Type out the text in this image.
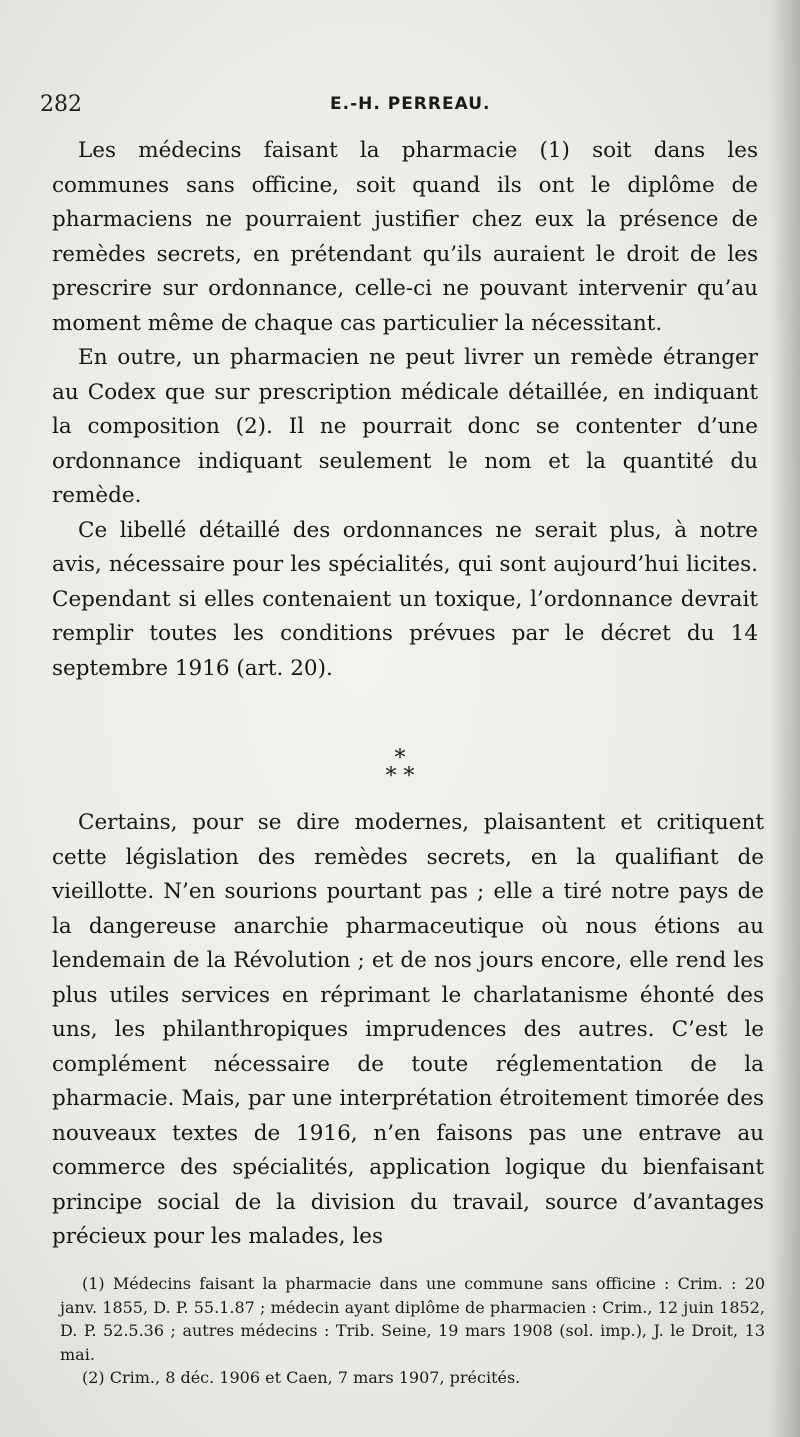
282	E.-H. PERREAU.

Les médecins faisant la pharmacie (1) soit dans les communes sans officine, soit quand ils ont le diplôme de pharmaciens ne pourraient justifier chez eux la présence de remèdes secrets, en prétendant qu’ils auraient le droit de les prescrire sur ordonnance, celle-ci ne pouvant intervenir qu’au moment même de chaque cas particulier la nécessitant.

En outre, un pharmacien ne peut livrer un remède étranger au Codex que sur prescription médicale détaillée, en indiquant la composition (2). Il ne pourrait donc se contenter d’une ordonnance indiquant seulement le nom et la quantité du remède.

Ce libellé détaillé des ordonnances ne serait plus, à notre avis, nécessaire pour les spécialités, qui sont aujourd’hui licites. Cependant si elles contenaient un toxique, l’ordonnance devrait remplir toutes les conditions prévues par le décret du 14 septembre 1916 (art. 20).

*
* *

Certains, pour se dire modernes, plaisantent et critiquent cette législation des remèdes secrets, en la qualifiant de vieillotte. N’en sourions pourtant pas ; elle a tiré notre pays de la dangereuse anarchie pharmaceutique où nous étions au lendemain de la Révolution ; et de nos jours encore, elle rend les plus utiles services en réprimant le charlatanisme éhonté des uns, les philanthropiques imprudences des autres. C’est le complément nécessaire de toute réglementation de la pharmacie. Mais, par une interprétation étroitement timorée des nouveaux textes de 1916, n’en faisons pas une entrave au commerce des spécialités, application logique du bienfaisant principe social de la division du travail, source d’avantages précieux pour les malades, les

(1) Médecins faisant la pharmacie dans une commune sans officine : Crim. : 20 janv. 1855, D. P. 55.1.87 ; médecin ayant diplôme de pharmacien : Crim., 12 juin 1852, D. P. 52.5.36 ; autres médecins : Trib. Seine, 19 mars 1908 (sol. imp.), J. le Droit, 13 mai.

(2) Crim., 8 déc. 1906 et Caen, 7 mars 1907, précités.
